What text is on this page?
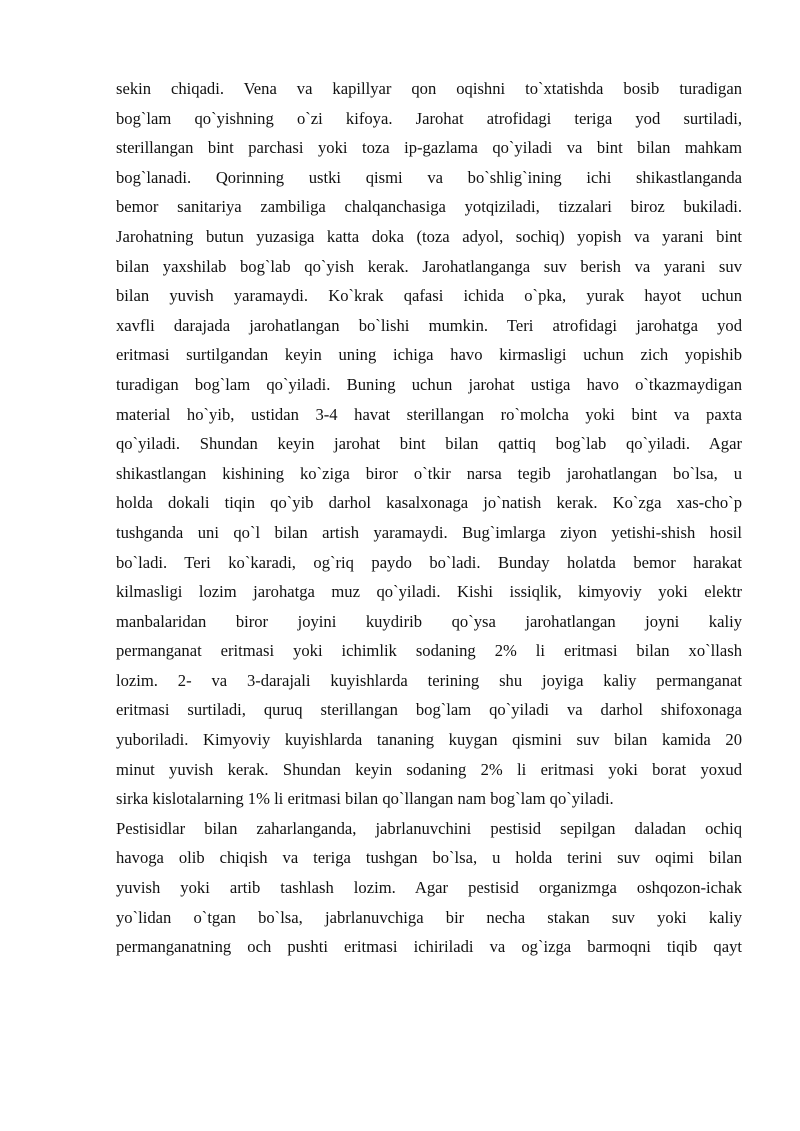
sekin chiqadi. Vena va kapillyar qon oqishni to`xtatishda bosib turadigan
bog`lam qo`yishning o`zi kifoya. Jarohat atrofidagi teriga yod surtiladi,
sterillangan bint parchasi yoki toza ip-gazlama qo`yiladi va bint bilan mahkam
bog`lanadi. Qorinning ustki qismi va bo`shlig`ining ichi shikastlanganda
bemor sanitariya zambiliga chalqanchasiga yotqiziladi, tizzalari biroz bukiladi.
Jarohatning butun yuzasiga katta doka (toza adyol, sochiq) yopish va yarani bint
bilan yaxshilab bog`lab qo`yish kerak. Jarohatlanganga suv berish va yarani suv
bilan yuvish yaramaydi. Ko`krak qafasi ichida o`pka, yurak hayot uchun
xavfli darajada jarohatlangan bo`lishi mumkin. Teri atrofidagi jarohatga yod
eritmasi surtilgandan keyin uning ichiga havo kirmasligi uchun zich yopishib
turadigan bog`lam qo`yiladi. Buning uchun jarohat ustiga havo o`tkazmaydigan
material ho`yib, ustidan 3-4 havat sterillangan ro`molcha yoki bint va paxta
qo`yiladi. Shundan keyin jarohat bint bilan qattiq bog`lab qo`yiladi. Agar
shikastlangan kishining ko`ziga biror o`tkir narsa tegib jarohatlangan bo`lsa, u
holda dokali tiqin qo`yib darhol kasalxonaga jo`natish kerak. Ko`zga xas-cho`p
tushganda uni qo`l bilan artish yaramaydi. Bug`imlarga ziyon yetishi-shish hosil
bo`ladi. Teri ko`karadi, og`riq paydo bo`ladi. Bunday holatda bemor harakat
kilmasligi lozim jarohatga muz qo`yiladi. Kishi issiqlik, kimyoviy yoki elektr
manbalaridan biror joyini kuydirib qo`ysa jarohatlangan joyni kaliy
permanganat eritmasi yoki ichimlik sodaning 2% li eritmasi bilan xo`llash
lozim. 2- va 3-darajali kuyishlarda terining shu joyiga kaliy permanganat
eritmasi surtiladi, quruq sterillangan bog`lam qo`yiladi va darhol shifoxonaga
yuboriladi. Kimyoviy kuyishlarda tananing kuygan qismini suv bilan kamida 20
minut yuvish kerak. Shundan keyin sodaning 2% li eritmasi yoki borat yoxud
sirka kislotalarning 1% li eritmasi bilan qo`llangan nam bog`lam qo`yiladi.
Pestisidlar bilan zaharlanganda, jabrlanuvchini pestisid sepilgan daladan ochiq
havoga olib chiqish va teriga tushgan bo`lsa, u holda terini suv oqimi bilan
yuvish yoki artib tashlash lozim. Agar pestisid organizmga oshqozon-ichak
yo`lidan o`tgan bo`lsa, jabrlanuvchiga bir necha stakan suv yoki kaliy
permanganatning och pushti eritmasi ichiriladi va og`izga barmoqni tiqib qayt
